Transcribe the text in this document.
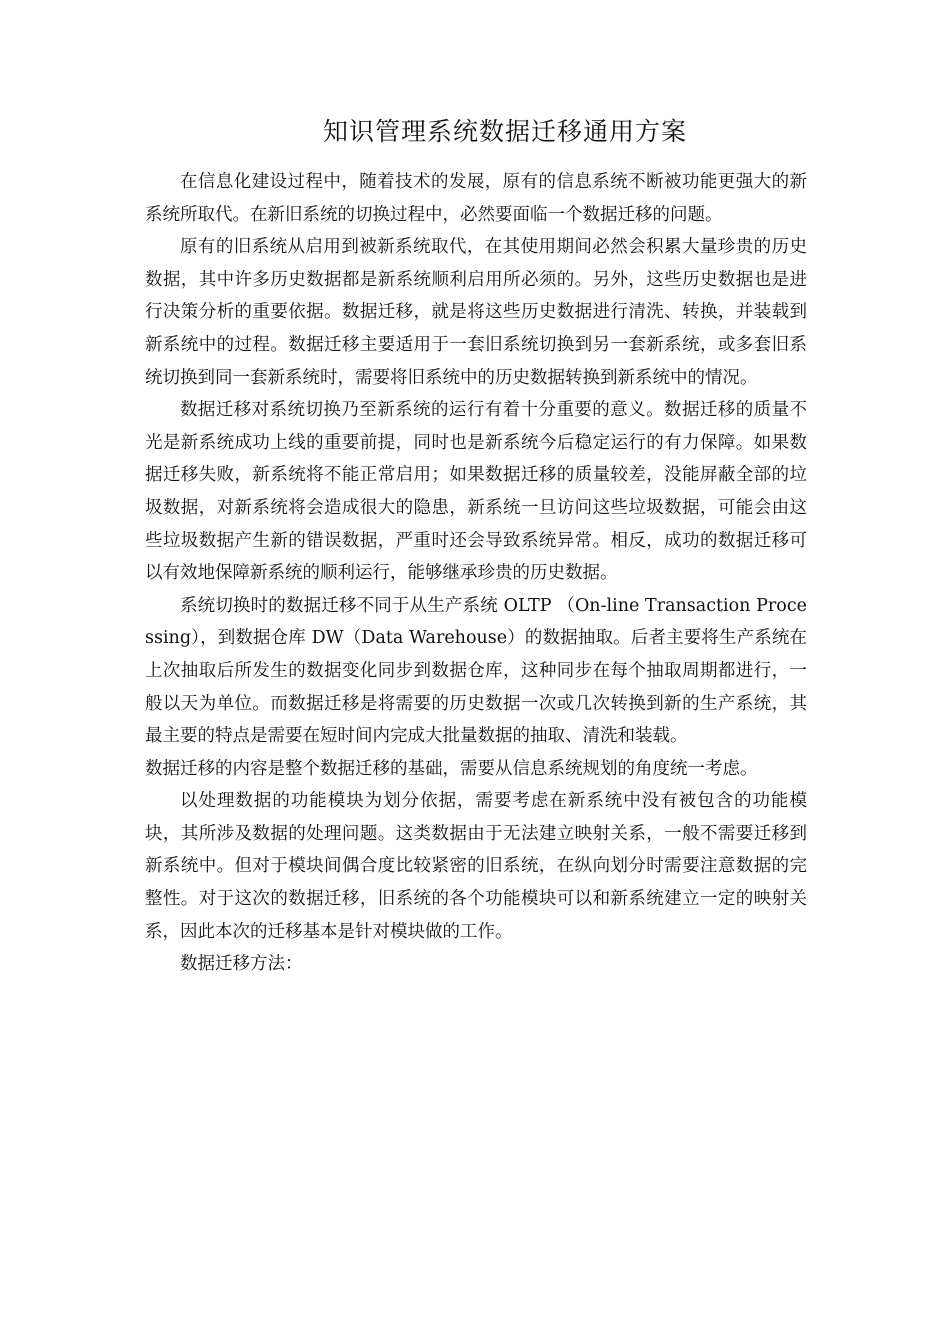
知识管理系统数据迁移通用方案

在信息化建设过程中，随着技术的发展，原有的信息系统不断被功能更强大的新系统所取代。在新旧系统的切换过程中，必然要面临一个数据迁移的问题。

原有的旧系统从启用到被新系统取代，在其使用期间必然会积累大量珍贵的历史数据，其中许多历史数据都是新系统顺利启用所必须的。另外，这些历史数据也是进行决策分析的重要依据。数据迁移，就是将这些历史数据进行清洗、转换，并装载到新系统中的过程。数据迁移主要适用于一套旧系统切换到另一套新系统，或多套旧系统切换到同一套新系统时，需要将旧系统中的历史数据转换到新系统中的情况。

数据迁移对系统切换乃至新系统的运行有着十分重要的意义。数据迁移的质量不光是新系统成功上线的重要前提，同时也是新系统今后稳定运行的有力保障。如果数据迁移失败，新系统将不能正常启用；如果数据迁移的质量较差，没能屏蔽全部的垃圾数据，对新系统将会造成很大的隐患，新系统一旦访问这些垃圾数据，可能会由这些垃圾数据产生新的错误数据，严重时还会导致系统异常。相反，成功的数据迁移可以有效地保障新系统的顺利运行，能够继承珍贵的历史数据。

系统切换时的数据迁移不同于从生产系统 OLTP （On-line Transaction Processing），到数据仓库 DW（Data Warehouse）的数据抽取。后者主要将生产系统在上次抽取后所发生的数据变化同步到数据仓库，这种同步在每个抽取周期都进行，一般以天为单位。而数据迁移是将需要的历史数据一次或几次转换到新的生产系统，其最主要的特点是需要在短时间内完成大批量数据的抽取、清洗和装载。

数据迁移的内容是整个数据迁移的基础，需要从信息系统规划的角度统一考虑。

以处理数据的功能模块为划分依据，需要考虑在新系统中没有被包含的功能模块，其所涉及数据的处理问题。这类数据由于无法建立映射关系，一般不需要迁移到新系统中。但对于模块间偶合度比较紧密的旧系统，在纵向划分时需要注意数据的完整性。对于这次的数据迁移，旧系统的各个功能模块可以和新系统建立一定的映射关系，因此本次的迁移基本是针对模块做的工作。

数据迁移方法：
